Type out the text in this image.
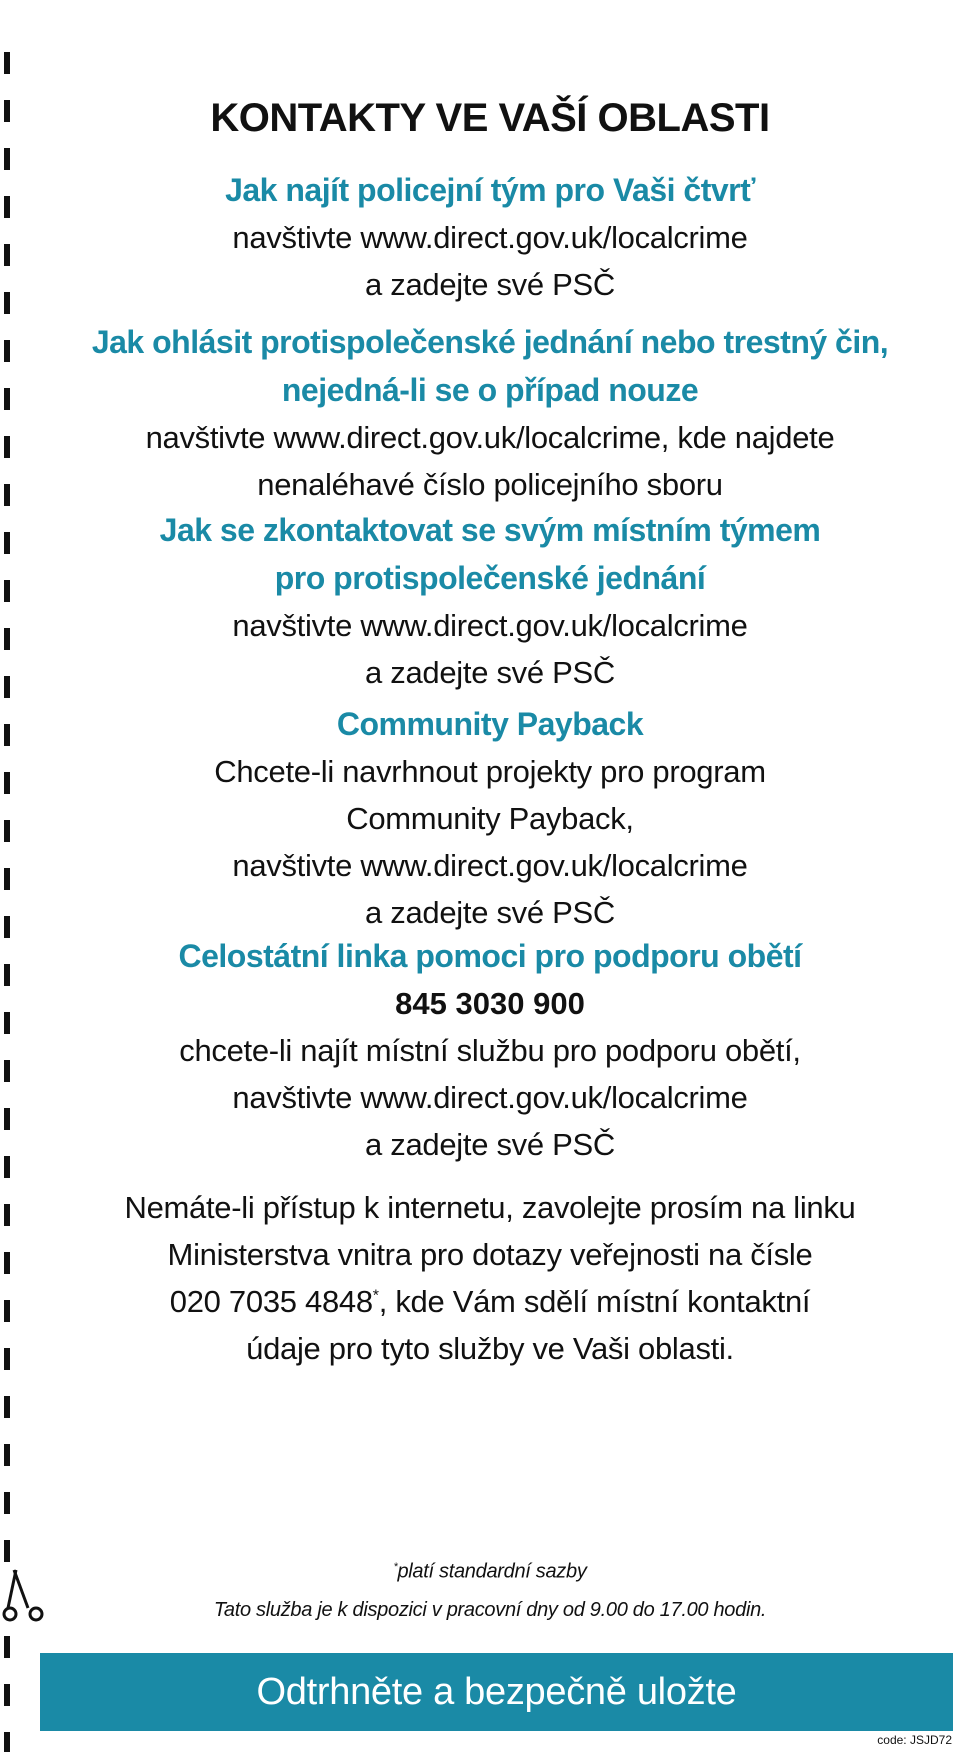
KONTAKTY VE VAŠÍ OBLASTI
Jak najít policejní tým pro Vaši čtvrť
navštivte www.direct.gov.uk/localcrime
a zadejte své PSČ
Jak ohlásit protispolečenské jednání nebo trestný čin,
nejedná-li se o případ nouze
navštivte www.direct.gov.uk/localcrime, kde najdete
nenaléhavé číslo policejního sboru
Jak se zkontaktovat se svým místním týmem
pro protispolečenské jednání
navštivte www.direct.gov.uk/localcrime
a zadejte své PSČ
Community Payback
Chcete-li navrhnout projekty pro program
Community Payback,
navštivte www.direct.gov.uk/localcrime
a zadejte své PSČ
Celostátní linka pomoci pro podporu obětí
845 3030 900
chcete-li najít místní službu pro podporu obětí,
navštivte www.direct.gov.uk/localcrime
a zadejte své PSČ
Nemáte-li přístup k internetu, zavolejte prosím na linku
Ministerstva vnitra pro dotazy veřejnosti na čísle
020 7035 4848*, kde Vám sdělí místní kontaktní
údaje pro tyto služby ve Vaši oblasti.
*platí standardní sazby
Tato služba je k dispozici v pracovní dny od 9.00 do 17.00 hodin.
Odtrhněte a bezpečně uložte
code: JSJD72
